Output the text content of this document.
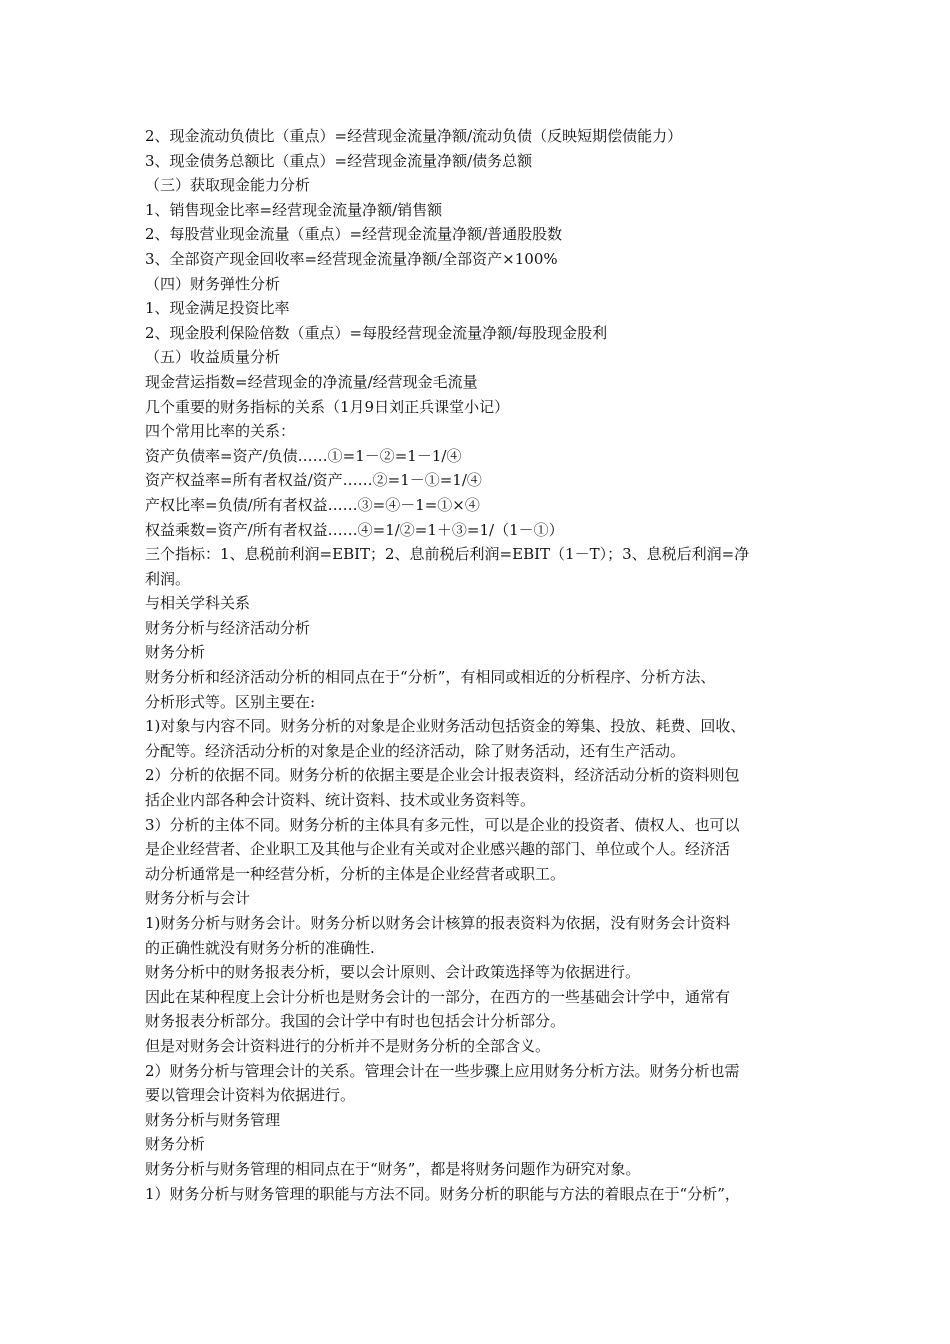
2、现金流动负债比（重点）=经营现金流量净额/流动负债（反映短期偿债能力）
3、现金债务总额比（重点）=经营现金流量净额/债务总额
（三）获取现金能力分析
1、销售现金比率=经营现金流量净额/销售额
2、每股营业现金流量（重点）=经营现金流量净额/普通股股数
3、全部资产现金回收率=经营现金流量净额/全部资产×100%
（四）财务弹性分析
1、现金满足投资比率
2、现金股利保险倍数（重点）=每股经营现金流量净额/每股现金股利
（五）收益质量分析
现金营运指数=经营现金的净流量/经营现金毛流量
几个重要的财务指标的关系（1月9日刘正兵课堂小记）
四个常用比率的关系：
资产负债率=资产/负债……①=1－②=1－1/④
资产权益率=所有者权益/资产……②=1－①=1/④
产权比率=负债/所有者权益……③=④－1=①×④
权益乘数=资产/所有者权益……④=1/②=1＋③=1/（1－①）
三个指标：1、息税前利润=EBIT；2、息前税后利润=EBIT（1－T）；3、息税后利润=净
利润。
与相关学科关系
财务分析与经济活动分析
财务分析
财务分析和经济活动分析的相同点在于“分析”，有相同或相近的分析程序、分析方法、
分析形式等。区别主要在:
1)对象与内容不同。财务分析的对象是企业财务活动包括资金的筹集、投放、耗费、回收、
分配等。经济活动分析的对象是企业的经济活动，除了财务活动，还有生产活动。
2）分析的依据不同。财务分析的依据主要是企业会计报表资料，经济活动分析的资料则包
括企业内部各种会计资料、统计资料、技术或业务资料等。
3）分析的主体不同。财务分析的主体具有多元性，可以是企业的投资者、债权人、也可以
是企业经营者、企业职工及其他与企业有关或对企业感兴趣的部门、单位或个人。经济活
动分析通常是一种经营分析，分析的主体是企业经营者或职工。
财务分析与会计
1)财务分析与财务会计。财务分析以财务会计核算的报表资料为依据，没有财务会计资料
的正确性就没有财务分析的准确性.
财务分析中的财务报表分析，要以会计原则、会计政策选择等为依据进行。
因此在某种程度上会计分析也是财务会计的一部分，在西方的一些基础会计学中，通常有
财务报表分析部分。我国的会计学中有时也包括会计分析部分。
但是对财务会计资料进行的分析并不是财务分析的全部含义。
2）财务分析与管理会计的关系。管理会计在一些步骤上应用财务分析方法。财务分析也需
要以管理会计资料为依据进行。
财务分析与财务管理
财务分析
财务分析与财务管理的相同点在于“财务”，都是将财务问题作为研究对象。
1）财务分析与财务管理的职能与方法不同。财务分析的职能与方法的着眼点在于“分析”，
